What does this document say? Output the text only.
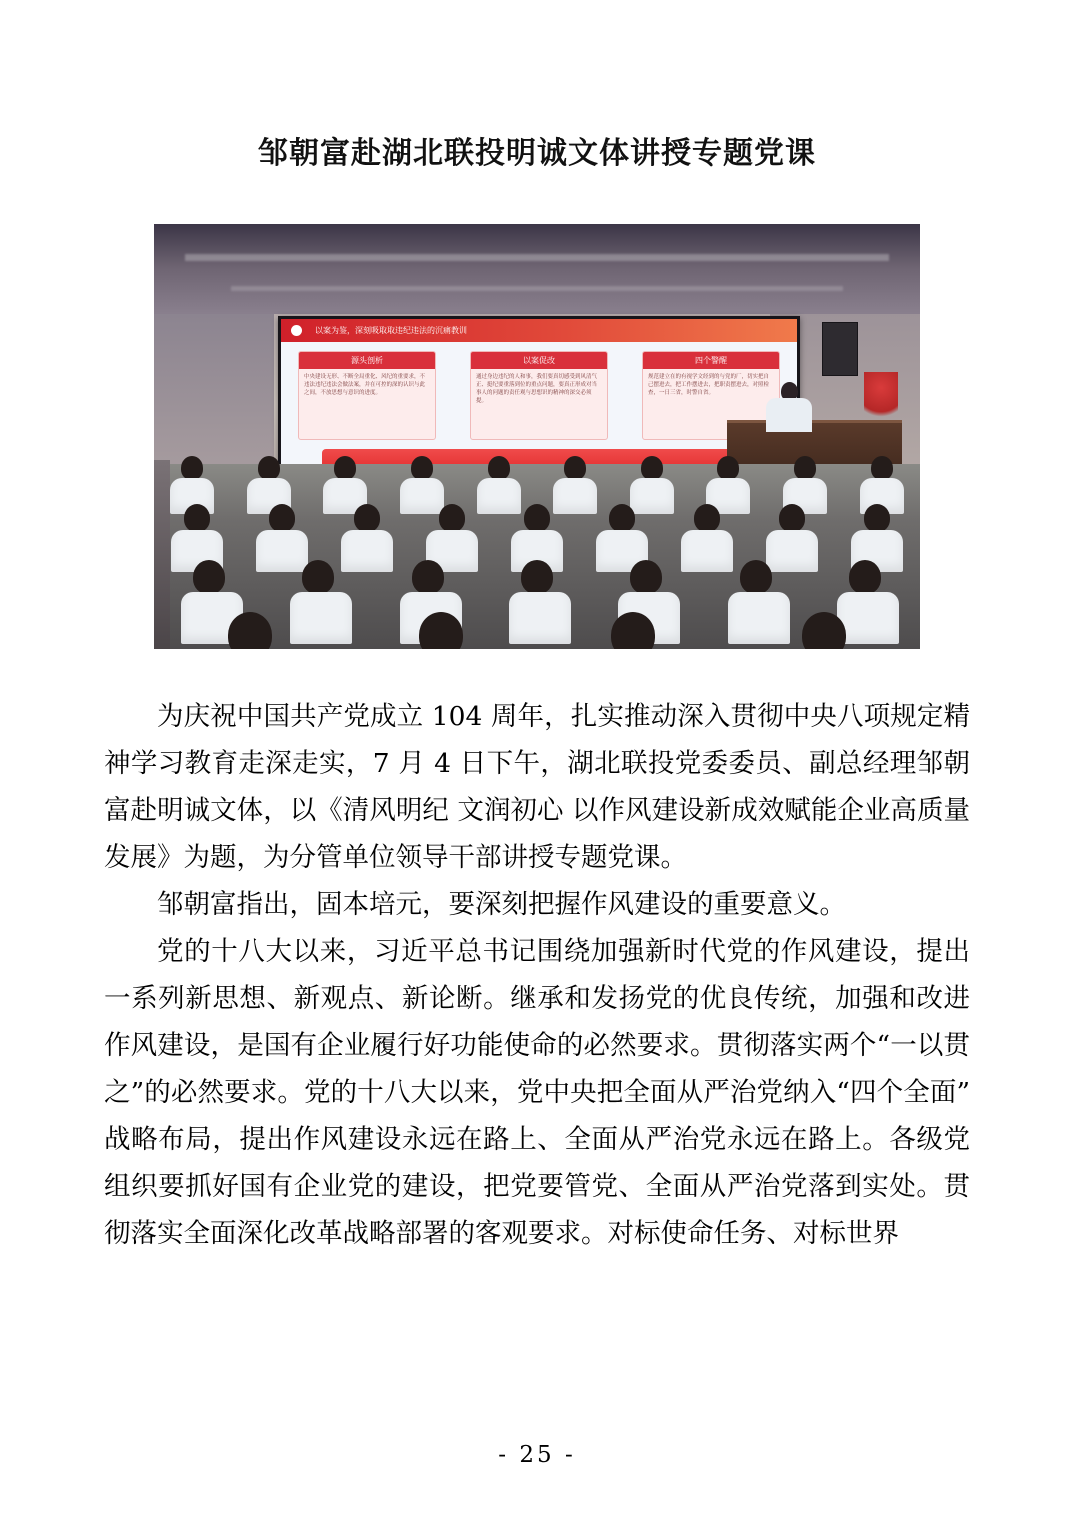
邹朝富赴湖北联投明诚文体讲授专题党课
以案为鉴，深刻吸取取违纪违法的沉痛教训
源头剖析
中央建设无形、不断全局重化、风纪的重要求，不违法违纪违法会做法案，并在可控的深的认识与此之间，不放思想与意识的进度。
以案促改
通过身边违纪的人和事，我们要真切感受到风清气正、挺纪要重落到位的重点问题，要真正形成对当事人的问题的责任观与思想识的精神的深交必须提。
四个警醒
规范建立在的有视学文经到的与党的厂，切实把自己摆进去，把工作摆进去，把职责摆进去，对照检查，一日三省，时警自省。

为庆祝中国共产党成立 104 周年，扎实推动深入贯彻中央八项规定精神学习教育走深走实，7 月 4 日下午，湖北联投党委委员、副总经理邹朝富赴明诚文体，以《清风明纪 文润初心 以作风建设新成效赋能企业高质量发展》为题，为分管单位领导干部讲授专题党课。

邹朝富指出，固本培元，要深刻把握作风建设的重要意义。

党的十八大以来，习近平总书记围绕加强新时代党的作风建设，提出一系列新思想、新观点、新论断。继承和发扬党的优良传统，加强和改进作风建设，是国有企业履行好功能使命的必然要求。贯彻落实两个“一以贯之”的必然要求。党的十八大以来，党中央把全面从严治党纳入“四个全面”战略布局，提出作风建设永远在路上、全面从严治党永远在路上。各级党组织要抓好国有企业党的建设，把党要管党、全面从严治党落到实处。贯彻落实全面深化改革战略部署的客观要求。对标使命任务、对标世界

- 25 -
